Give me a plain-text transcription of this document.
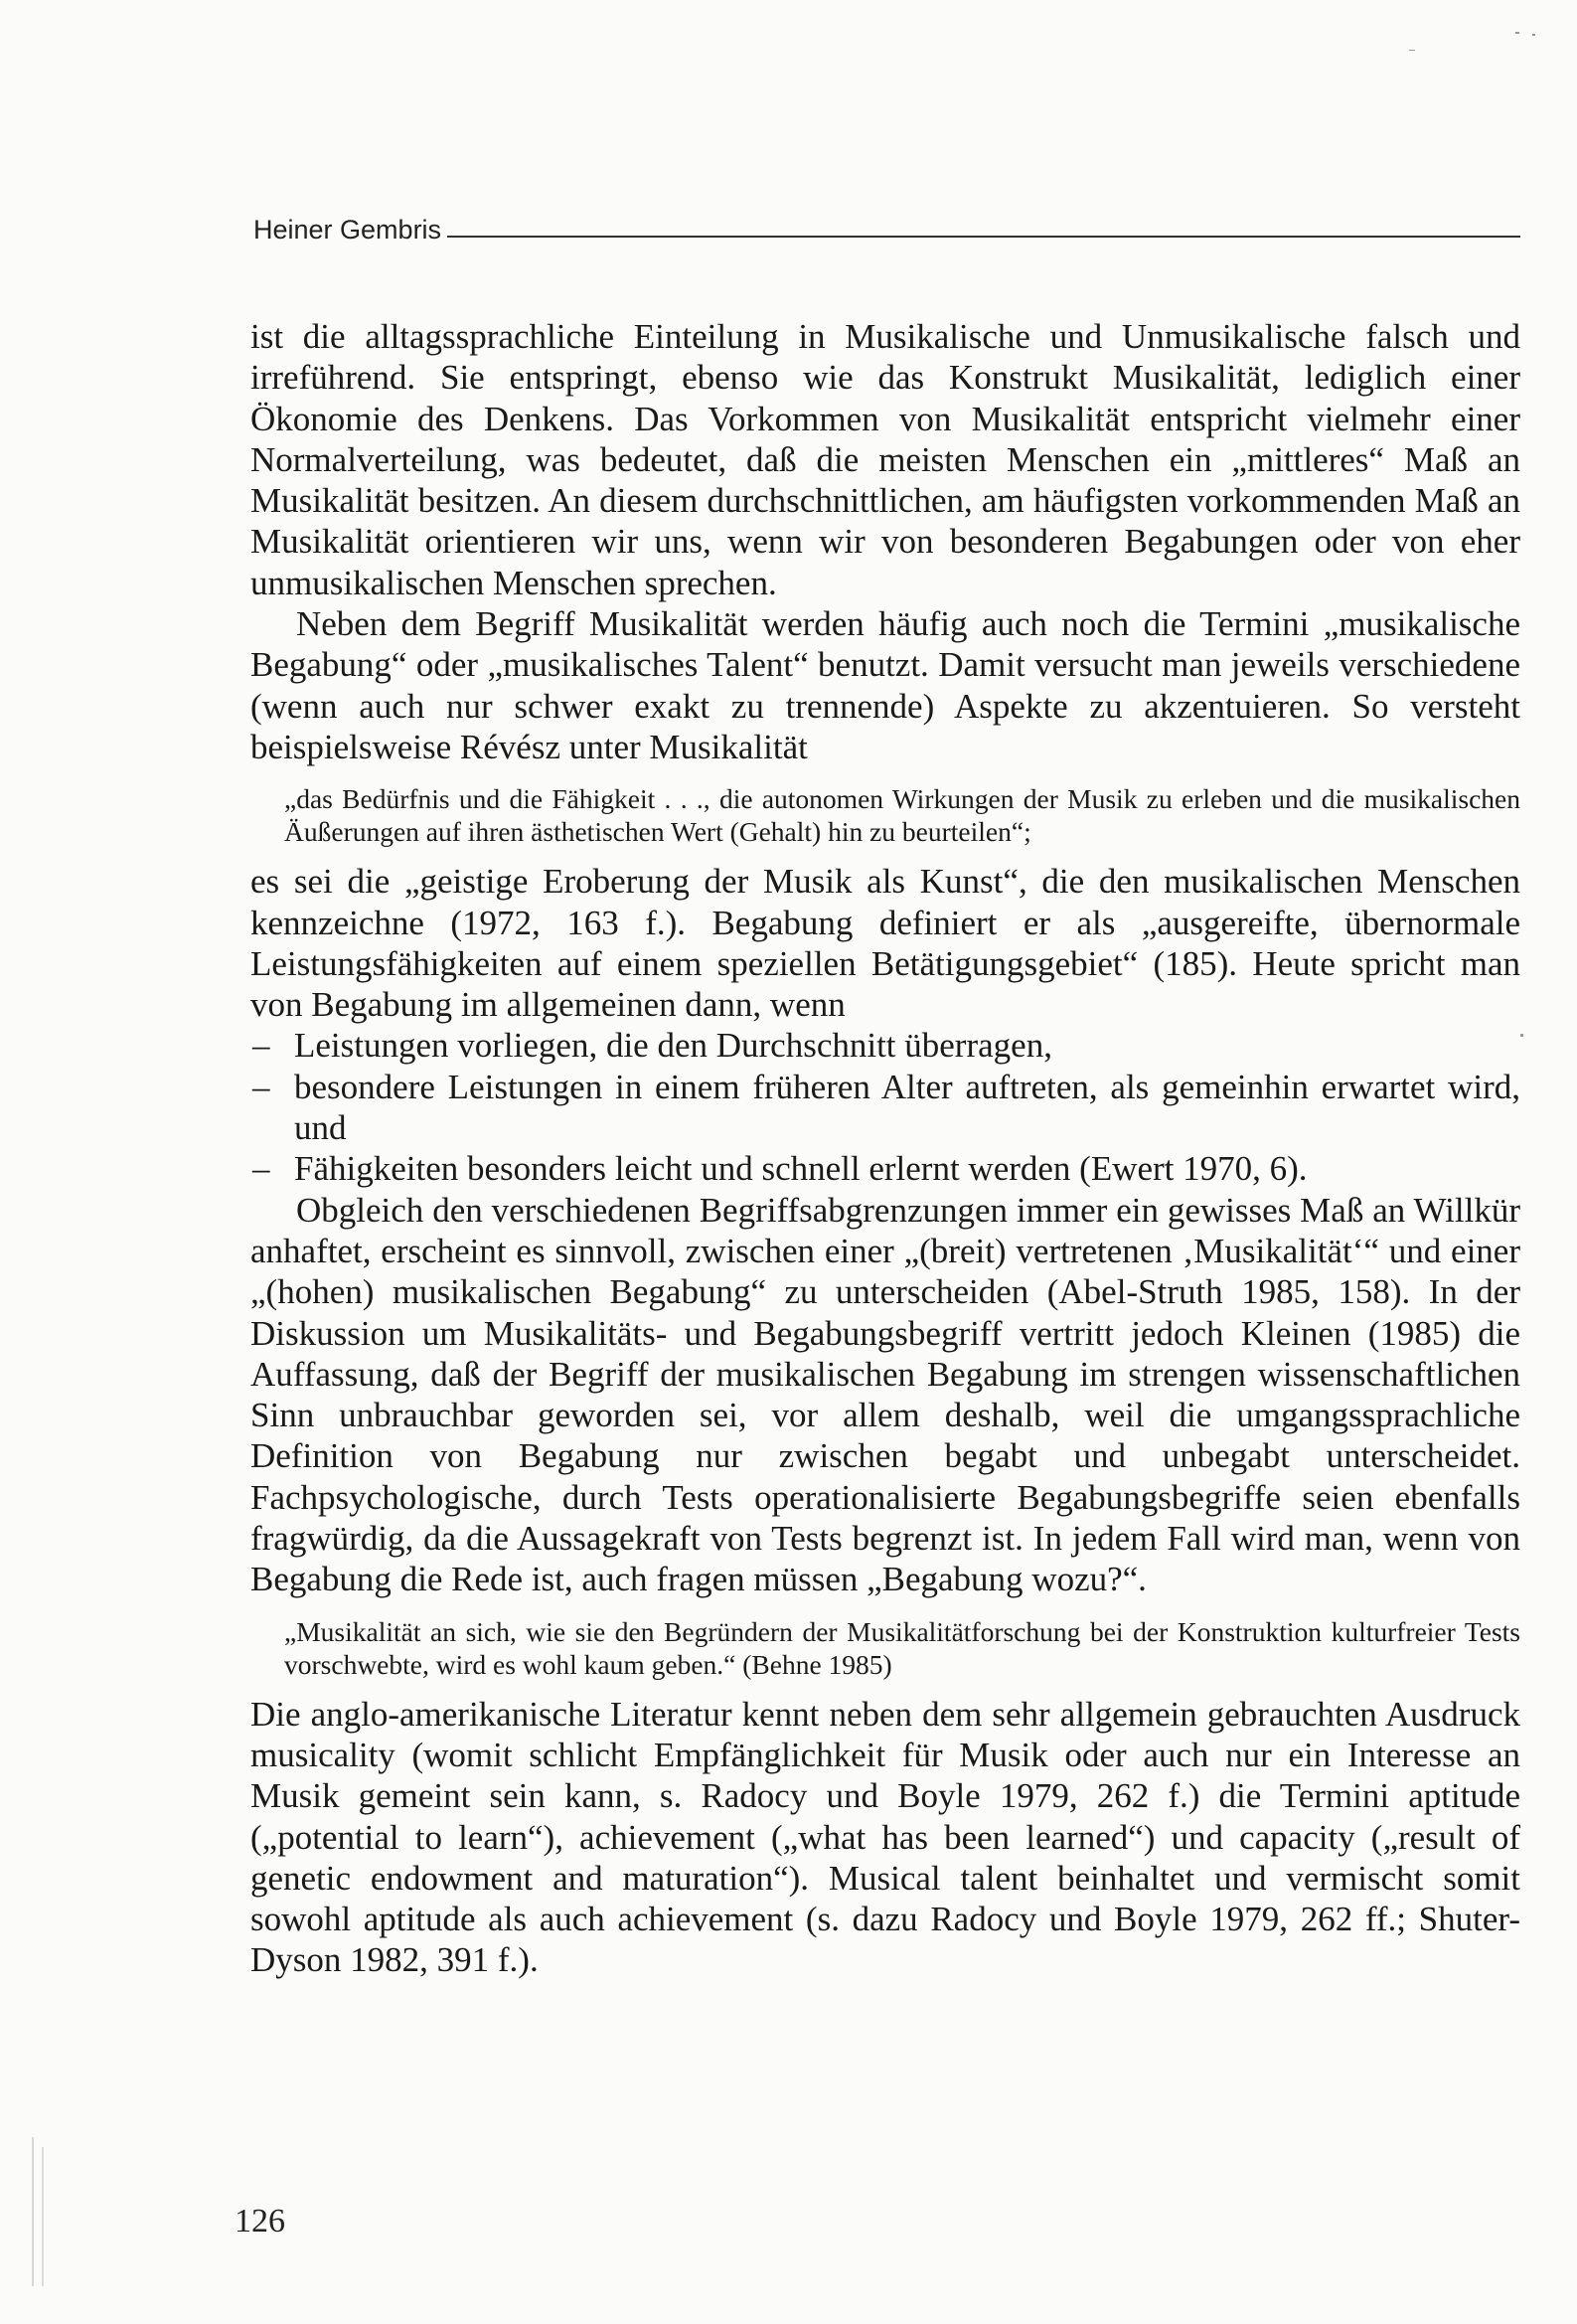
Heiner Gembris

ist die alltagssprachliche Einteilung in Musikalische und Unmusikalische falsch und irreführend. Sie entspringt, ebenso wie das Konstrukt Musikalität, lediglich einer Ökonomie des Denkens. Das Vorkommen von Musikalität entspricht vielmehr einer Normalverteilung, was bedeutet, daß die meisten Menschen ein „mittleres“ Maß an Musikalität besitzen. An diesem durchschnittlichen, am häufigsten vorkommenden Maß an Musikalität orientieren wir uns, wenn wir von besonderen Begabungen oder von eher unmusikalischen Menschen sprechen.

Neben dem Begriff Musikalität werden häufig auch noch die Termini „musikalische Begabung“ oder „musikalisches Talent“ benutzt. Damit versucht man jeweils verschiedene (wenn auch nur schwer exakt zu trennende) Aspekte zu akzentuieren. So versteht beispielsweise Révész unter Musikalität

„das Bedürfnis und die Fähigkeit . . ., die autonomen Wirkungen der Musik zu erleben und die musikalischen Äußerungen auf ihren ästhetischen Wert (Gehalt) hin zu beurteilen“;

es sei die „geistige Eroberung der Musik als Kunst“, die den musikalischen Menschen kennzeichne (1972, 163 f.). Begabung definiert er als „ausgereifte, übernormale Leistungsfähigkeiten auf einem speziellen Betätigungsgebiet“ (185). Heute spricht man von Begabung im allgemeinen dann, wenn

– Leistungen vorliegen, die den Durchschnitt überragen,
– besondere Leistungen in einem früheren Alter auftreten, als gemeinhin erwartet wird, und
– Fähigkeiten besonders leicht und schnell erlernt werden (Ewert 1970, 6).

Obgleich den verschiedenen Begriffsabgrenzungen immer ein gewisses Maß an Willkür anhaftet, erscheint es sinnvoll, zwischen einer „(breit) vertretenen ‚Musikalität‘“ und einer „(hohen) musikalischen Begabung“ zu unterscheiden (Abel-Struth 1985, 158). In der Diskussion um Musikalitäts- und Begabungsbegriff vertritt jedoch Kleinen (1985) die Auffassung, daß der Begriff der musikalischen Begabung im strengen wissenschaftlichen Sinn unbrauchbar geworden sei, vor allem deshalb, weil die umgangssprachliche Definition von Begabung nur zwischen begabt und unbegabt unterscheidet. Fachpsychologische, durch Tests operationalisierte Begabungsbegriffe seien ebenfalls fragwürdig, da die Aussagekraft von Tests begrenzt ist. In jedem Fall wird man, wenn von Begabung die Rede ist, auch fragen müssen „Begabung wozu?“.

„Musikalität an sich, wie sie den Begründern der Musikalitätforschung bei der Konstruktion kulturfreier Tests vorschwebte, wird es wohl kaum geben.“ (Behne 1985)

Die anglo-amerikanische Literatur kennt neben dem sehr allgemein gebrauchten Ausdruck musicality (womit schlicht Empfänglichkeit für Musik oder auch nur ein Interesse an Musik gemeint sein kann, s. Radocy und Boyle 1979, 262 f.) die Termini aptitude („potential to learn“), achievement („what has been learned“) und capacity („result of genetic endowment and maturation“). Musical talent beinhaltet und vermischt somit sowohl aptitude als auch achievement (s. dazu Radocy und Boyle 1979, 262 ff.; Shuter-Dyson 1982, 391 f.).

126
